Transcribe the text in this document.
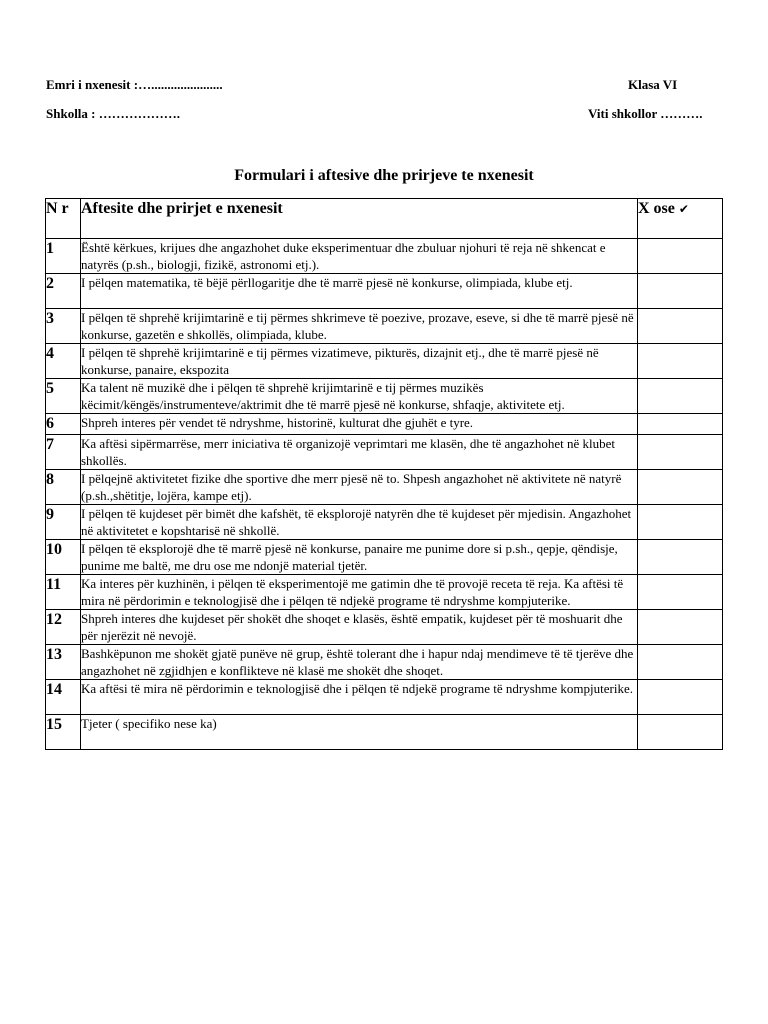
Emri i nxenesit :…......................	Klasa VI
Shkolla : ……………….	Viti shkollor ……….
Formulari i aftesive dhe prirjeve te nxenesit
N r	Aftesite dhe prirjet e nxenesit	X ose ✔
1	Është kërkues, krijues dhe angazhohet duke eksperimentuar dhe zbuluar njohuri të reja në shkencat e natyrës (p.sh., biologji, fizikë, astronomi etj.).	
2	I pëlqen matematika, të bëjë përllogaritje dhe të marrë pjesë në konkurse, olimpiada, klube etj.	
3	I pëlqen të shprehë krijimtarinë e tij përmes shkrimeve të poezive, prozave, eseve, si dhe të marrë pjesë në konkurse, gazetën e shkollës, olimpiada, klube.	
4	I pëlqen të shprehë krijimtarinë e tij përmes vizatimeve, pikturës, dizajnit etj., dhe të marrë pjesë në konkurse, panaire, ekspozita	
5	Ka talent në muzikë dhe i pëlqen të shprehë krijimtarinë e tij përmes muzikës këcimit/këngës/instrumenteve/aktrimit dhe të marrë pjesë në konkurse, shfaqje, aktivitete etj.	
6	Shpreh interes për vendet të ndryshme, historinë, kulturat dhe gjuhët e tyre.	
7	Ka aftësi sipërmarrëse, merr iniciativa të organizojë veprimtari me klasën, dhe të angazhohet në klubet shkollës.	
8	I pëlqejnë aktivitetet fizike dhe sportive dhe merr pjesë në to. Shpesh angazhohet në aktivitete në natyrë (p.sh.,shëtitje, lojëra, kampe etj).	
9	I pëlqen të kujdeset për bimët dhe kafshët, të eksplorojë natyrën dhe të kujdeset për mjedisin. Angazhohet në aktivitetet e kopshtarisë në shkollë.	
10	I pëlqen të eksplorojë dhe të marrë pjesë në konkurse, panaire me punime dore si p.sh., qepje, qëndisje, punime me baltë, me dru ose me ndonjë material tjetër.	
11	Ka interes për kuzhinën, i pëlqen të eksperimentojë me gatimin dhe të provojë receta të reja. Ka aftësi të mira në përdorimin e teknologjisë dhe i pëlqen të ndjekë programe të ndryshme kompjuterike.	
12	Shpreh interes dhe kujdeset për shokët dhe shoqet e klasës, është empatik, kujdeset për të moshuarit dhe për njerëzit në nevojë.	
13	Bashkëpunon me shokët gjatë punëve në grup, është tolerant dhe i hapur ndaj mendimeve të të tjerëve dhe angazhohet në zgjidhjen e konflikteve në klasë me shokët dhe shoqet.	
14	Ka aftësi të mira në përdorimin e teknologjisë dhe i pëlqen të ndjekë programe të ndryshme kompjuterike.	
15	Tjeter ( specifiko nese ka)	
